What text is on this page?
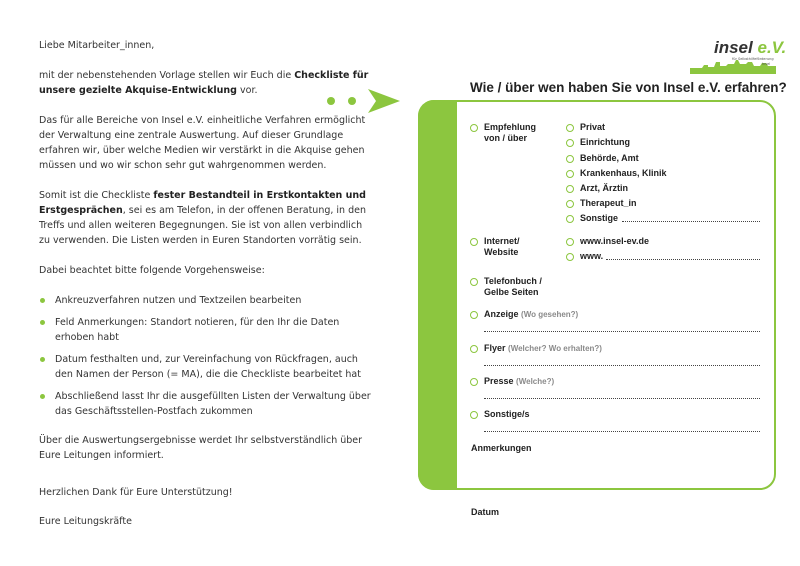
Liebe Mitarbeiter_innen,

mit der nebenstehenden Vorlage stellen wir Euch die Checkliste für unsere gezielte Akquise-Entwicklung vor.

Das für alle Bereiche von Insel e.V. einheitliche Verfahren ermöglicht der Verwaltung eine zentrale Auswertung. Auf dieser Grundlage erfahren wir, über welche Medien wir verstärkt in die Akquise gehen müssen und wo wir schon sehr gut wahrgenommen werden.

Somit ist die Checkliste fester Bestandteil in Erstkontakten und Erstgesprächen, sei es am Telefon, in der offenen Beratung, in den Treffs und allen weiteren Begegnungen. Sie ist von allen verbindlich zu verwenden. Die Listen werden in Euren Standorten vorrätig sein.

Dabei beachtet bitte folgende Vorgehensweise:

Ankreuzverfahren nutzen und Textzeilen bearbeiten
Feld Anmerkungen: Standort notieren, für den Ihr die Daten erhoben habt
Datum festhalten und, zur Vereinfachung von Rückfragen, auch den Namen der Person (= MA), die die Checkliste bearbeitet hat
Abschließend lasst Ihr die ausgefüllten Listen der Verwaltung über das Geschäftsstellen-Postfach zukommen

Über die Auswertungsergebnisse werdet Ihr selbstverständlich über Eure Leitungen informiert.

Herzlichen Dank für Eure Unterstützung!

Eure Leitungskräfte

insel e.V.
für Selbsthilfeförderung
Insel
Wie / über wen haben Sie von Insel e.V. erfahren?
Empfehlung
von / über
Privat
Einrichtung
Behörde, Amt
Krankenhaus, Klinik
Arzt, Ärztin
Therapeut_in
Sonstige
Internet/
Website
www.insel-ev.de
www.
Telefonbuch /
Gelbe Seiten
Anzeige (Wo gesehen?)
Flyer (Welcher? Wo erhalten?)
Presse (Welche?)
Sonstige/s
Anmerkungen
Datum
